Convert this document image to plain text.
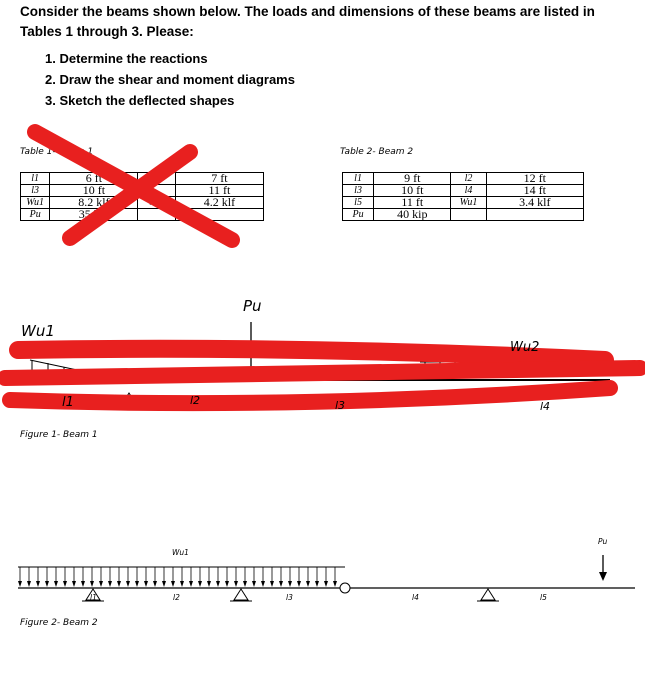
Consider the beams shown below. The loads and dimensions of these beams are listed in Tables 1 through 3. Please:
1. Determine the reactions
2. Draw the shear and moment diagrams
3. Sketch the deflected shapes
Table 1- Beam 1
l1	6 ft		7 ft
l3	10 ft		11 ft
Wu1	8.2 klf	Wu2	4.2 klf
Pu	35 kip		
Table 2- Beam 2
l1	9 ft	l2	12 ft
l3	10 ft	l4	14 ft
l5	11 ft	Wu1	3.4 klf
Pu	40 kip		
Wu1
Pu
Wu2
l1	l2	l3	l4
Figure 1- Beam 1
Wu1
Pu
l1	l2	l3	l4	l5
Figure 2- Beam 2
